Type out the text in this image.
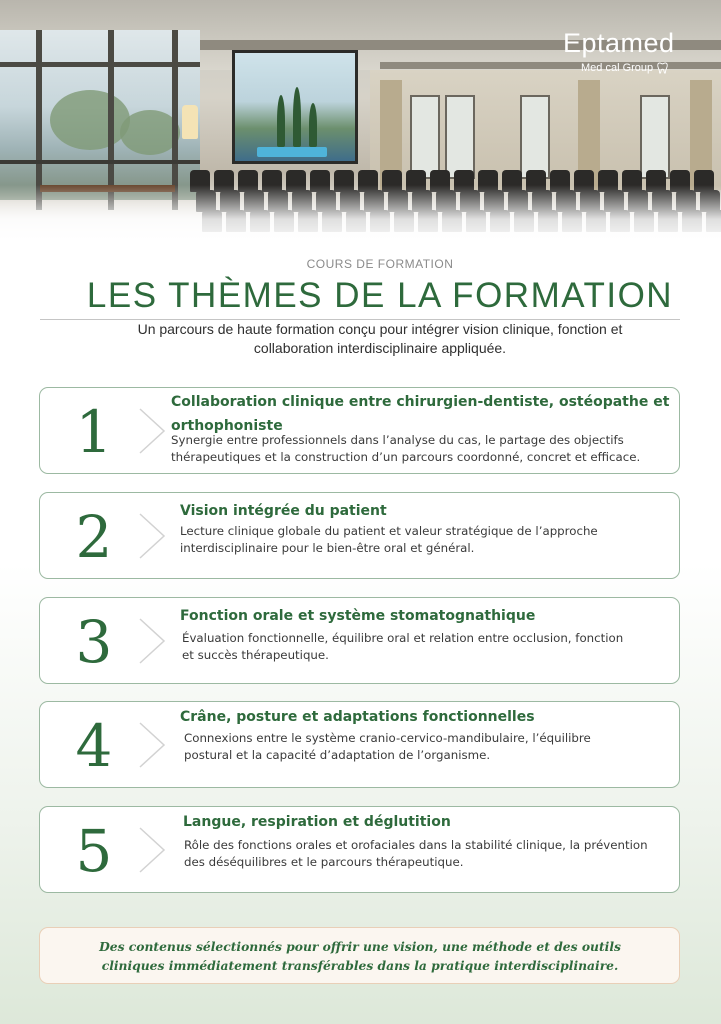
Eptamed
Med cal Group
COURS DE FORMATION
LES THÈMES DE LA FORMATION
Un parcours de haute formation conçu pour intégrer vision clinique, fonction et
collaboration interdisciplinaire appliquée.
1	Collaboration clinique entre chirurgien-dentiste, ostéopathe et
orthophoniste
Synergie entre professionnels dans l’analyse du cas, le partage des objectifs
thérapeutiques et la construction d’un parcours coordonné, concret et efficace.
2	Vision intégrée du patient
Lecture clinique globale du patient et valeur stratégique de l’approche
interdisciplinaire pour le bien-être oral et général.
3	Fonction orale et système stomatognathique
Évaluation fonctionnelle, équilibre oral et relation entre occlusion, fonction
et succès thérapeutique.
4	Crâne, posture et adaptations fonctionnelles
Connexions entre le système cranio-cervico-mandibulaire, l’équilibre
postural et la capacité d’adaptation de l’organisme.
5	Langue, respiration et déglutition
Rôle des fonctions orales et orofaciales dans la stabilité clinique, la prévention
des déséquilibres et le parcours thérapeutique.
Des contenus sélectionnés pour offrir une vision, une méthode et des outils
cliniques immédiatement transférables dans la pratique interdisciplinaire.
